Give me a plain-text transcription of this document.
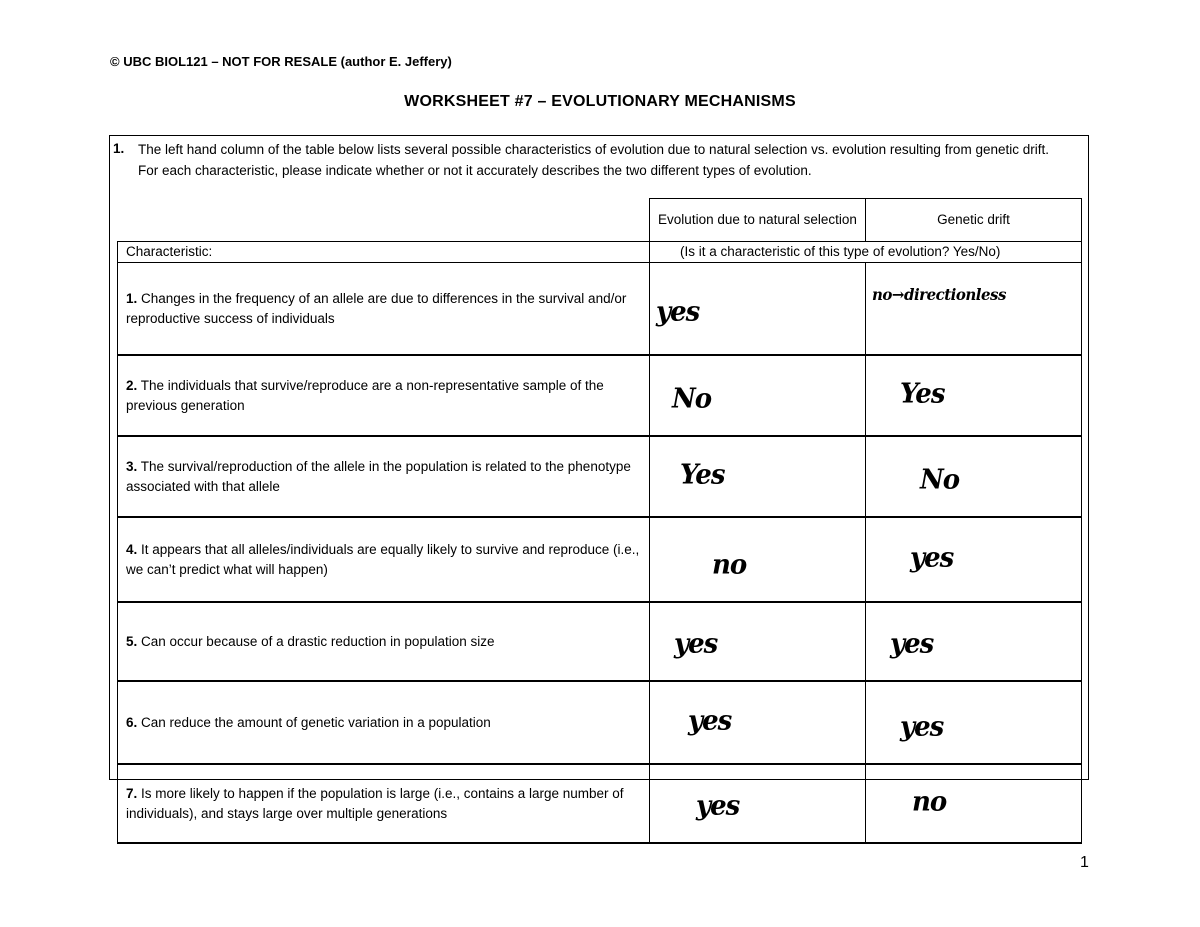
© UBC BIOL121 – NOT FOR RESALE (author E. Jeffery)
WORKSHEET #7 – EVOLUTIONARY MECHANISMS
1. The left hand column of the table below lists several possible characteristics of evolution due to natural selection vs. evolution resulting from genetic drift. For each characteristic, please indicate whether or not it accurately describes the two different types of evolution.
	Evolution due to natural selection	Genetic drift
Characteristic:	(Is it a characteristic of this type of evolution? Yes/No)	
1. Changes in the frequency of an allele are due to differences in the survival and/or reproductive success of individuals	yes	no→directionless
2. The individuals that survive/reproduce are a non-representative sample of the previous generation	No	Yes
3. The survival/reproduction of the allele in the population is related to the phenotype associated with that allele	Yes	No
4. It appears that all alleles/individuals are equally likely to survive and reproduce (i.e., we can’t predict what will happen)	no	yes
5. Can occur because of a drastic reduction in population size	yes	yes
6. Can reduce the amount of genetic variation in a population	yes	yes
7. Is more likely to happen if the population is large (i.e., contains a large number of individuals), and stays large over multiple generations	yes	no
1
